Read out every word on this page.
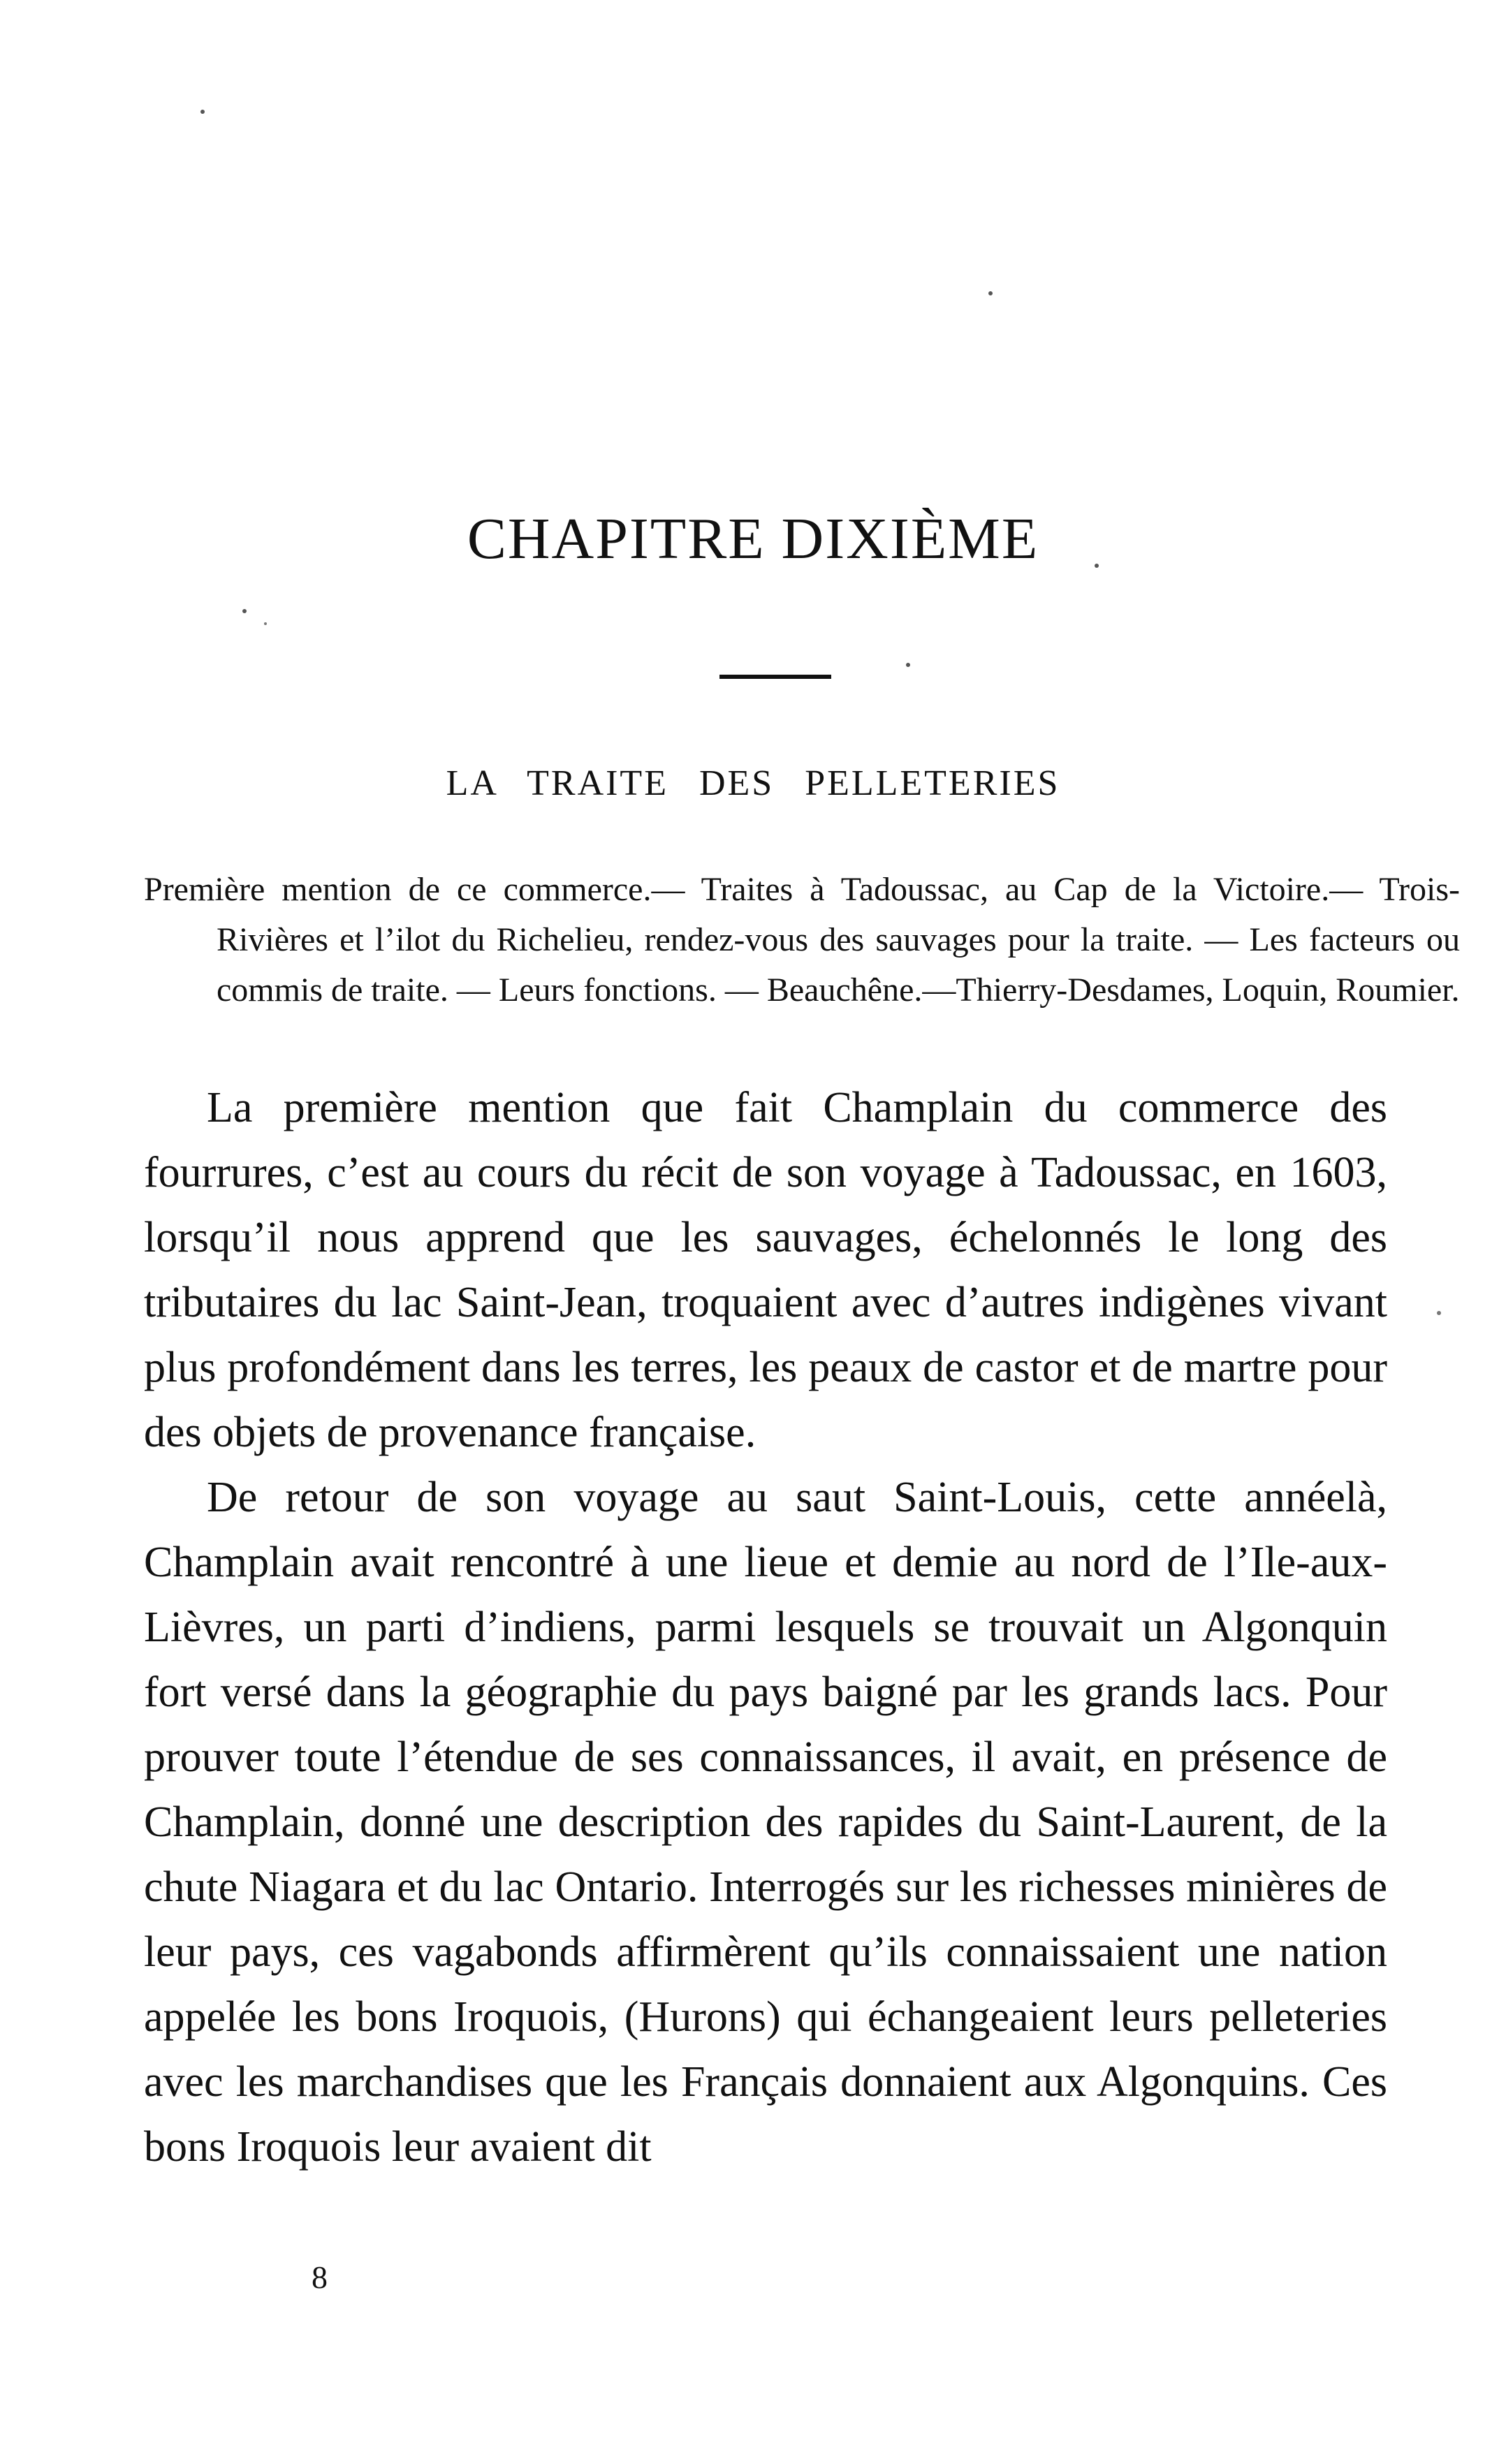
CHAPITRE DIXIÈME
LA TRAITE DES PELLETERIES

Première mention de ce commerce.— Traites à Tadoussac, au Cap de la Victoire.— Trois-Rivières et l’ilot du Richelieu, rendez-vous des sauvages pour la traite. — Les facteurs ou commis de traite. — Leurs fonctions. — Beauchêne.—Thierry-Desdames, Loquin, Roumier.

La première mention que fait Champlain du commerce des fourrures, c’est au cours du récit de son voyage à Tadoussac, en 1603, lorsqu’il nous apprend que les sauvages, échelonnés le long des tributaires du lac Saint-Jean, troquaient avec d’autres indigènes vivant plus profondément dans les terres, les peaux de castor et de martre pour des objets de provenance française.

De retour de son voyage au saut Saint-Louis, cette annéelà, Champlain avait rencontré à une lieue et demie au nord de l’Ile-aux-Lièvres, un parti d’indiens, parmi lesquels se trouvait un Algonquin fort versé dans la géographie du pays baigné par les grands lacs. Pour prouver toute l’étendue de ses connaissances, il avait, en présence de Champlain, donné une description des rapides du Saint-Laurent, de la chute Niagara et du lac Ontario. Interrogés sur les richesses minières de leur pays, ces vagabonds affirmèrent qu’ils connaissaient une nation appelée les bons Iroquois, (Hurons) qui échangeaient leurs pelleteries avec les marchandises que les Français donnaient aux Algonquins. Ces bons Iroquois leur avaient dit

8
